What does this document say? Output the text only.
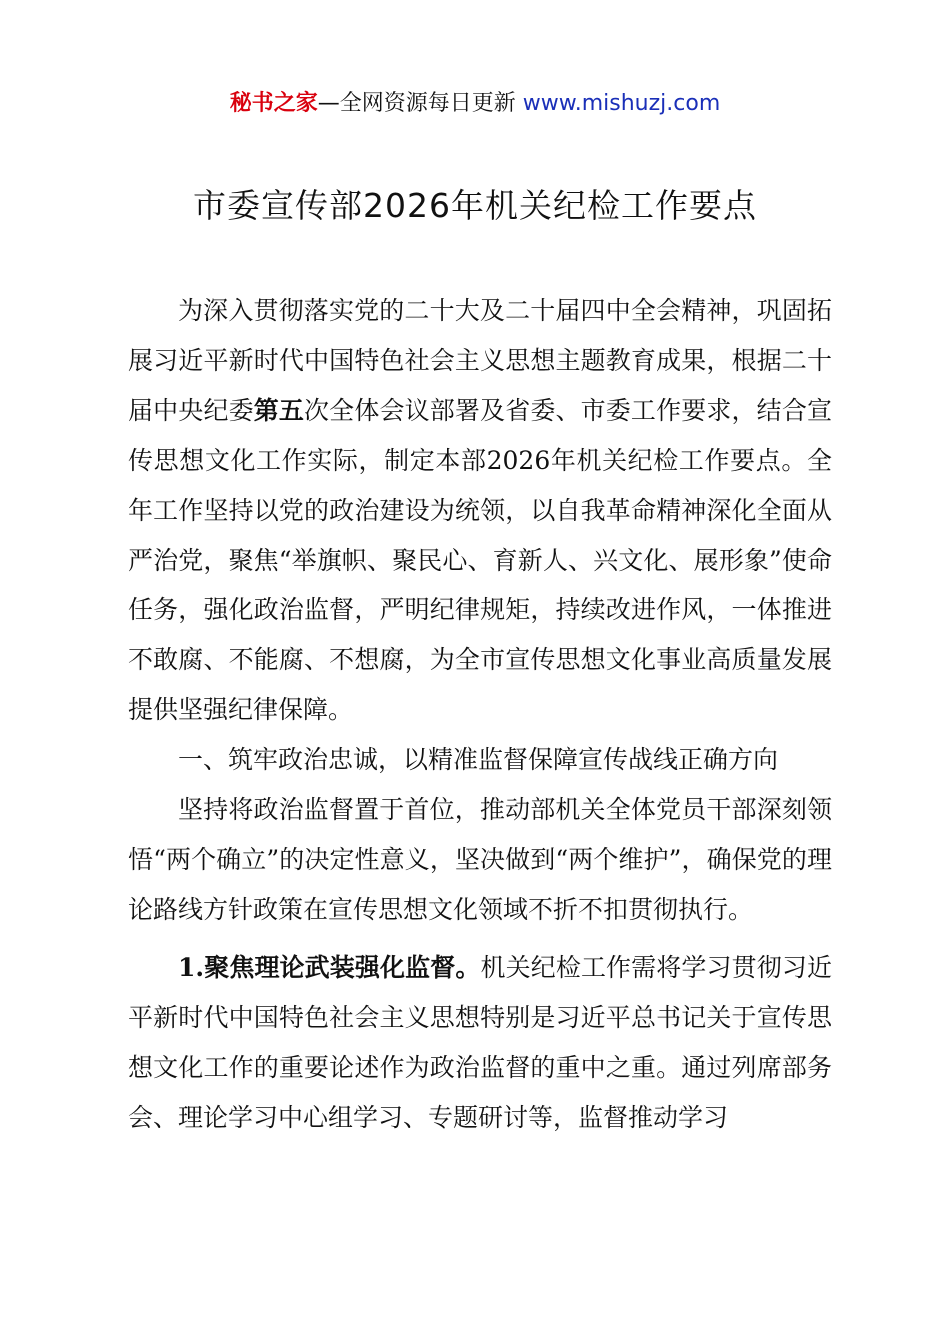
秘书之家—全网资源每日更新 www.mishuzj.com
市委宣传部2026年机关纪检工作要点

为深入贯彻落实党的二十大及二十届四中全会精神，巩固拓展习近平新时代中国特色社会主义思想主题教育成果，根据二十届中央纪委第五次全体会议部署及省委、市委工作要求，结合宣传思想文化工作实际，制定本部2026年机关纪检工作要点。全年工作坚持以党的政治建设为统领，以自我革命精神深化全面从严治党，聚焦“举旗帜、聚民心、育新人、兴文化、展形象”使命任务，强化政治监督，严明纪律规矩，持续改进作风，一体推进不敢腐、不能腐、不想腐，为全市宣传思想文化事业高质量发展提供坚强纪律保障。

一、筑牢政治忠诚，以精准监督保障宣传战线正确方向

坚持将政治监督置于首位，推动部机关全体党员干部深刻领悟“两个确立”的决定性意义，坚决做到“两个维护”，确保党的理论路线方针政策在宣传思想文化领域不折不扣贯彻执行。

1.聚焦理论武装强化监督。机关纪检工作需将学习贯彻习近平新时代中国特色社会主义思想特别是习近平总书记关于宣传思想文化工作的重要论述作为政治监督的重中之重。通过列席部务会、理论学习中心组学习、专题研讨等，监督推动学习
